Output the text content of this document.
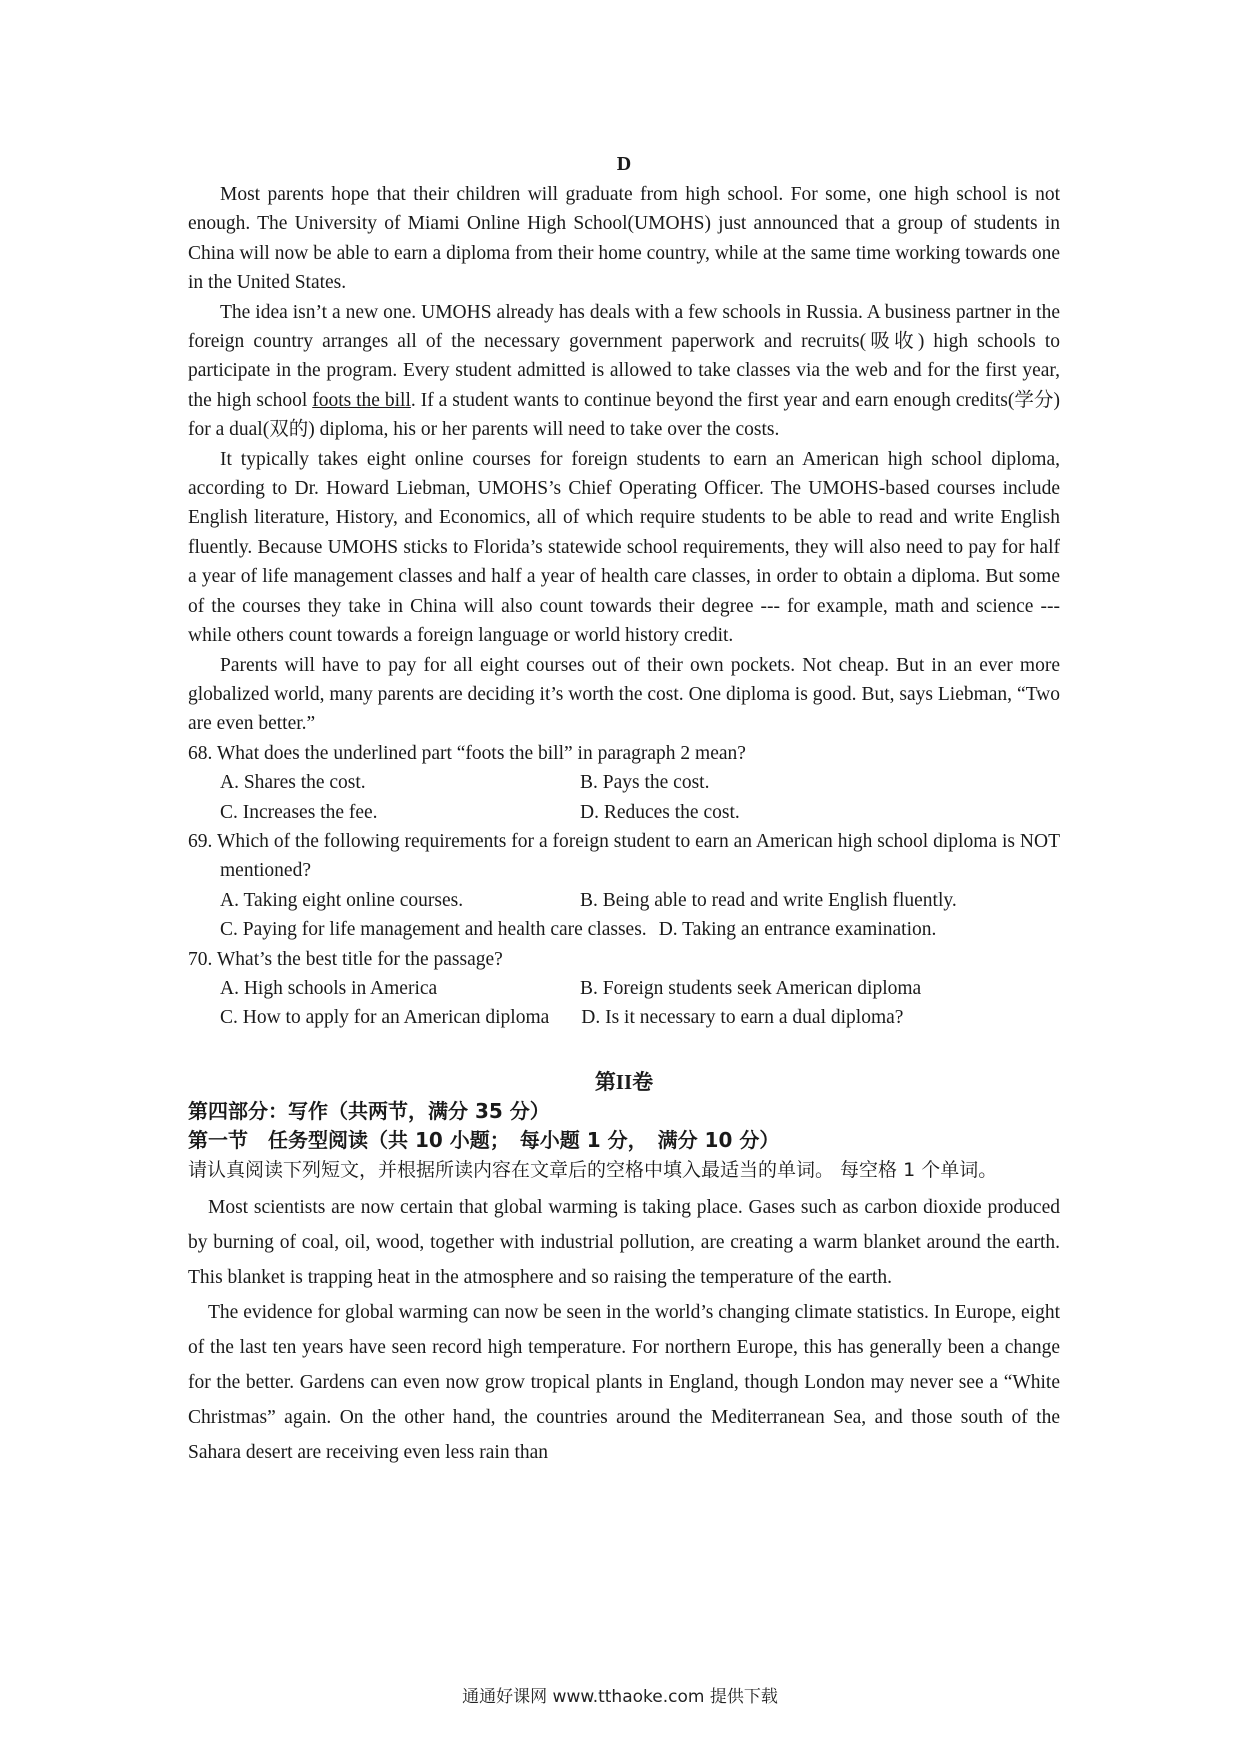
D

Most parents hope that their children will graduate from high school. For some, one high school is not enough. The University of Miami Online High School(UMOHS) just announced that a group of students in China will now be able to earn a diploma from their home country, while at the same time working towards one in the United States.

The idea isn’t a new one. UMOHS already has deals with a few schools in Russia. A business partner in the foreign country arranges all of the necessary government paperwork and recruits(吸收) high schools to participate in the program. Every student admitted is allowed to take classes via the web and for the first year, the high school foots the bill. If a student wants to continue beyond the first year and earn enough credits(学分) for a dual(双的) diploma, his or her parents will need to take over the costs.

It typically takes eight online courses for foreign students to earn an American high school diploma, according to Dr. Howard Liebman, UMOHS’s Chief Operating Officer. The UMOHS-based courses include English literature, History, and Economics, all of which require students to be able to read and write English fluently. Because UMOHS sticks to Florida’s statewide school requirements, they will also need to pay for half a year of life management classes and half a year of health care classes, in order to obtain a diploma. But some of the courses they take in China will also count towards their degree --- for example, math and science --- while others count towards a foreign language or world history credit.

Parents will have to pay for all eight courses out of their own pockets. Not cheap. But in an ever more globalized world, many parents are deciding it’s worth the cost. One diploma is good. But, says Liebman, “Two are even better.”

68. What does the underlined part “foots the bill” in paragraph 2 mean?
A. Shares the cost.	B. Pays the cost.
C. Increases the fee.	D. Reduces the cost.
69. Which of the following requirements for a foreign student to earn an American high school diploma is NOT mentioned?
A. Taking eight online courses.	B. Being able to read and write English fluently.
C. Paying for life management and health care classes. D. Taking an entrance examination.
70. What’s the best title for the passage?
A. High schools in America	B. Foreign students seek American diploma
C. How to apply for an American diploma D. Is it necessary to earn a dual diploma?
第II卷
第四部分：写作（共两节，满分 35 分）
第一节　任务型阅读（共 10 小题；　每小题 1 分，　满分 10 分）
请认真阅读下列短文，并根据所读内容在文章后的空格中填入最适当的单词。 每空格 1 个单词。

Most scientists are now certain that global warming is taking place. Gases such as carbon dioxide produced by burning of coal, oil, wood, together with industrial pollution, are creating a warm blanket around the earth. This blanket is trapping heat in the atmosphere and so raising the temperature of the earth.

The evidence for global warming can now be seen in the world’s changing climate statistics. In Europe, eight of the last ten years have seen record high temperature. For northern Europe, this has generally been a change for the better. Gardens can even now grow tropical plants in England, though London may never see a “White Christmas” again. On the other hand, the countries around the Mediterranean Sea, and those south of the Sahara desert are receiving even less rain than

通通好课网 www.tthaoke.com 提供下载
